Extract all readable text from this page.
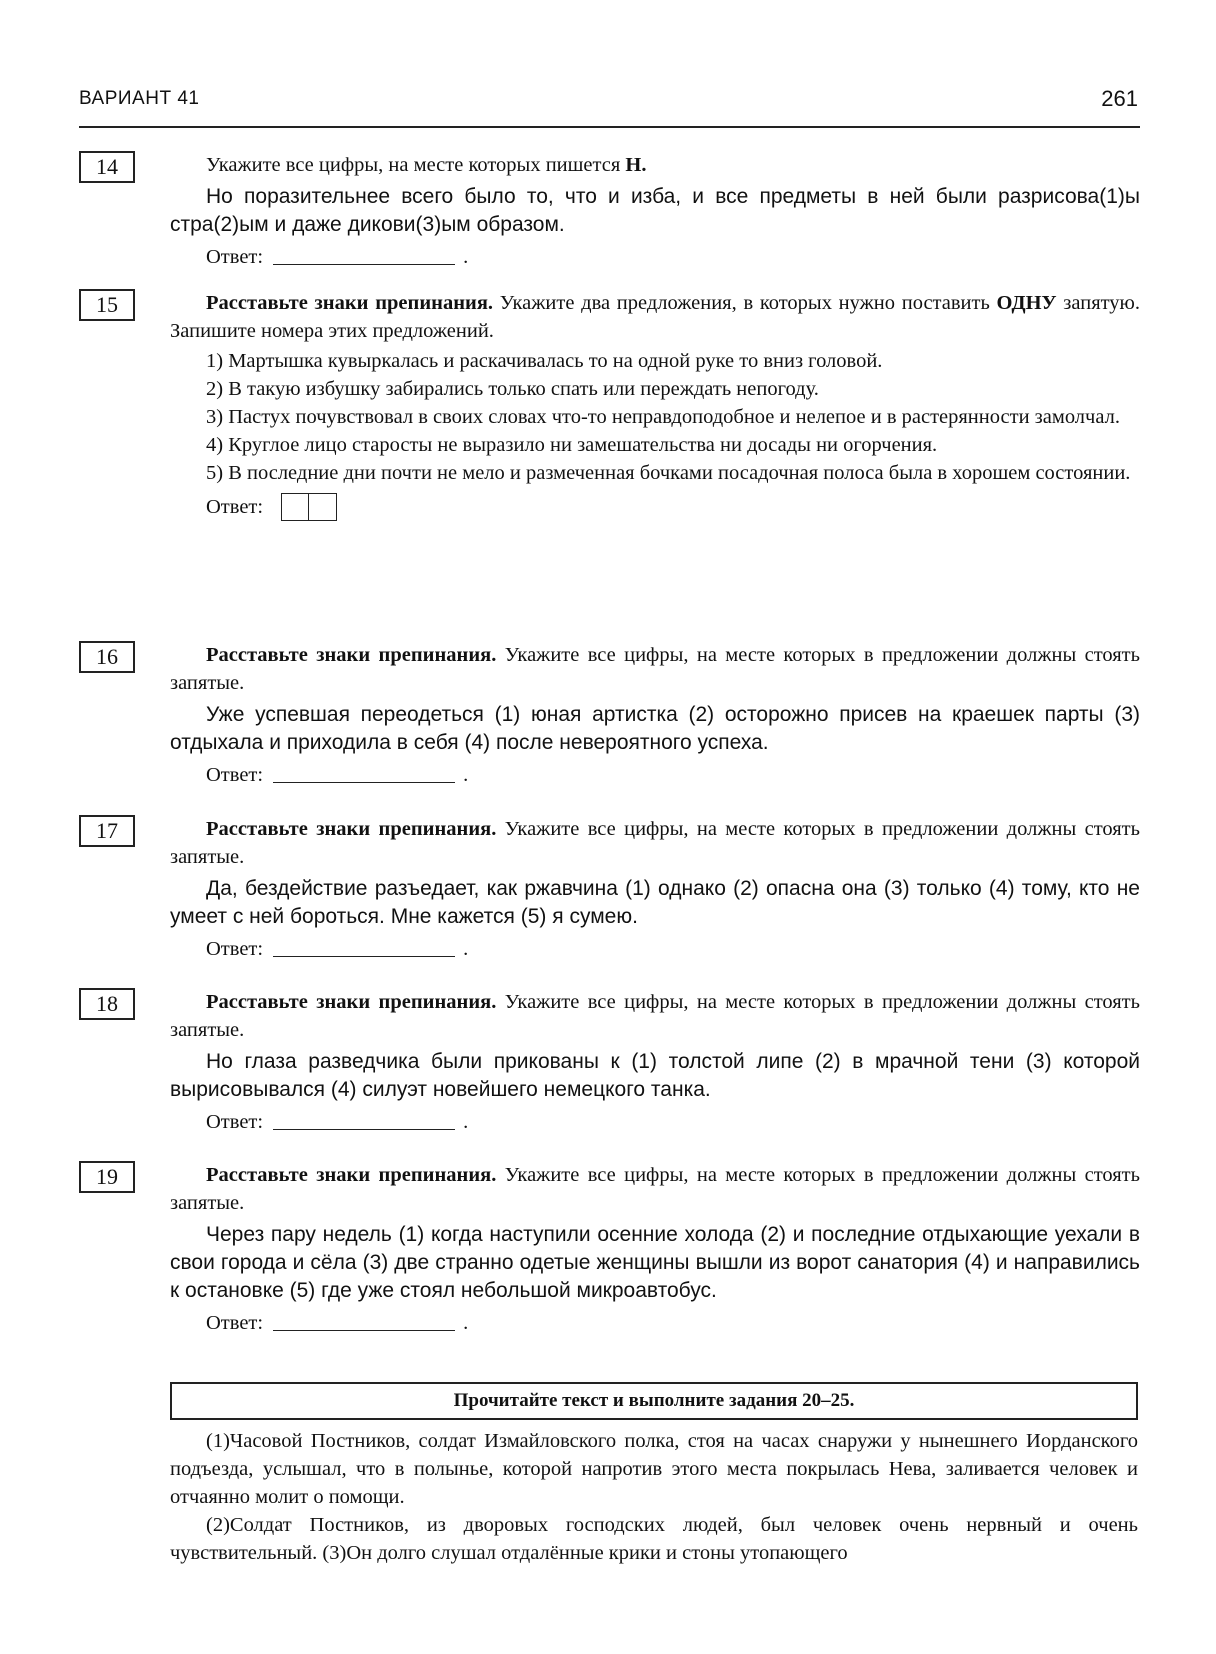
ВАРИАНТ 41	261
14	Укажите все цифры, на месте которых пишется Н.

Но поразительнее всего было то, что и изба, и все предметы в ней были разрисова(1)ы стра(2)ым и даже дикови(3)ым образом.

Ответ:	.
15	Расставьте знаки препинания. Укажите два предложения, в которых нужно поставить ОДНУ запятую. Запишите номера этих предложений.

1) Мартышка кувыркалась и раскачивалась то на одной руке то вниз головой.

2) В такую избушку забирались только спать или переждать непогоду.

3) Пастух почувствовал в своих словах что-то неправдоподобное и нелепое и в растерянности замолчал.

4) Круглое лицо старосты не выразило ни замешательства ни досады ни огорчения.

5) В последние дни почти не мело и размеченная бочками посадочная полоса была в хорошем состоянии.

Ответ:
16	Расставьте знаки препинания. Укажите все цифры, на месте которых в предложении должны стоять запятые.

Уже успевшая переодеться (1) юная артистка (2) осторожно присев на краешек парты (3) отдыхала и приходила в себя (4) после невероятного успеха.

Ответ:	.
17	Расставьте знаки препинания. Укажите все цифры, на месте которых в предложении должны стоять запятые.

Да, бездействие разъедает, как ржавчина (1) однако (2) опасна она (3) только (4) тому, кто не умеет с ней бороться. Мне кажется (5) я сумею.

Ответ:	.
18	Расставьте знаки препинания. Укажите все цифры, на месте которых в предложении должны стоять запятые.

Но глаза разведчика были прикованы к (1) толстой липе (2) в мрачной тени (3) которой вырисовывался (4) силуэт новейшего немецкого танка.

Ответ:	.
19	Расставьте знаки препинания. Укажите все цифры, на месте которых в предложении должны стоять запятые.

Через пару недель (1) когда наступили осенние холода (2) и последние отдыхающие уехали в свои города и сёла (3) две странно одетые женщины вышли из ворот санатория (4) и направились к остановке (5) где уже стоял небольшой микроавтобус.

Ответ:	.
Прочитайте текст и выполните задания 20–25.

(1)Часовой Постников, солдат Измайловского полка, стоя на часах снаружи у нынешнего Иорданского подъезда, услышал, что в полынье, которой напротив этого места покрылась Нева, заливается человек и отчаянно молит о помощи.

(2)Солдат Постников, из дворовых господских людей, был человек очень нервный и очень чувствительный. (3)Он долго слушал отдалённые крики и стоны утопающего
